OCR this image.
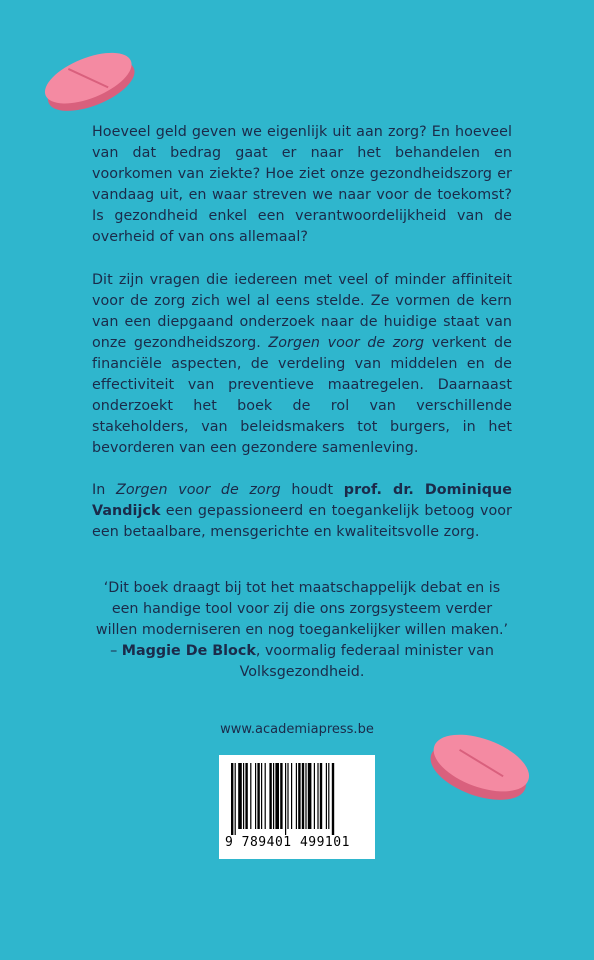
Hoeveel geld geven we eigenlijk uit aan zorg? En hoeveel van dat bedrag gaat er naar het behandelen en voorkomen van ziekte? Hoe ziet onze gezondheidszorg er vandaag uit, en waar streven we naar voor de toekomst? Is gezondheid enkel een verantwoordelijkheid van de overheid of van ons allemaal?

Dit zijn vragen die iedereen met veel of minder affiniteit voor de zorg zich wel al eens stelde. Ze vormen de kern van een diepgaand onderzoek naar de huidige staat van onze gezondheidszorg. Zorgen voor de zorg verkent de financiële aspecten, de verdeling van middelen en de effectiviteit van preventieve maatregelen. Daarnaast onderzoekt het boek de rol van verschillende stakeholders, van beleidsmakers tot burgers, in het bevorderen van een gezondere samenleving.

In Zorgen voor de zorg houdt prof. dr. Dominique Vandijck een gepassioneerd en toegankelijk betoog voor een betaalbare, mensgerichte en kwaliteitsvolle zorg.

‘Dit boek draagt bij tot het maatschappelijk debat en is een handige tool voor zij die ons zorgsysteem verder willen moderniseren en nog toegankelijker willen maken.’ – Maggie De Block, voormalig federaal minister van Volksgezondheid.
www.academiapress.be
9 789401 499101
